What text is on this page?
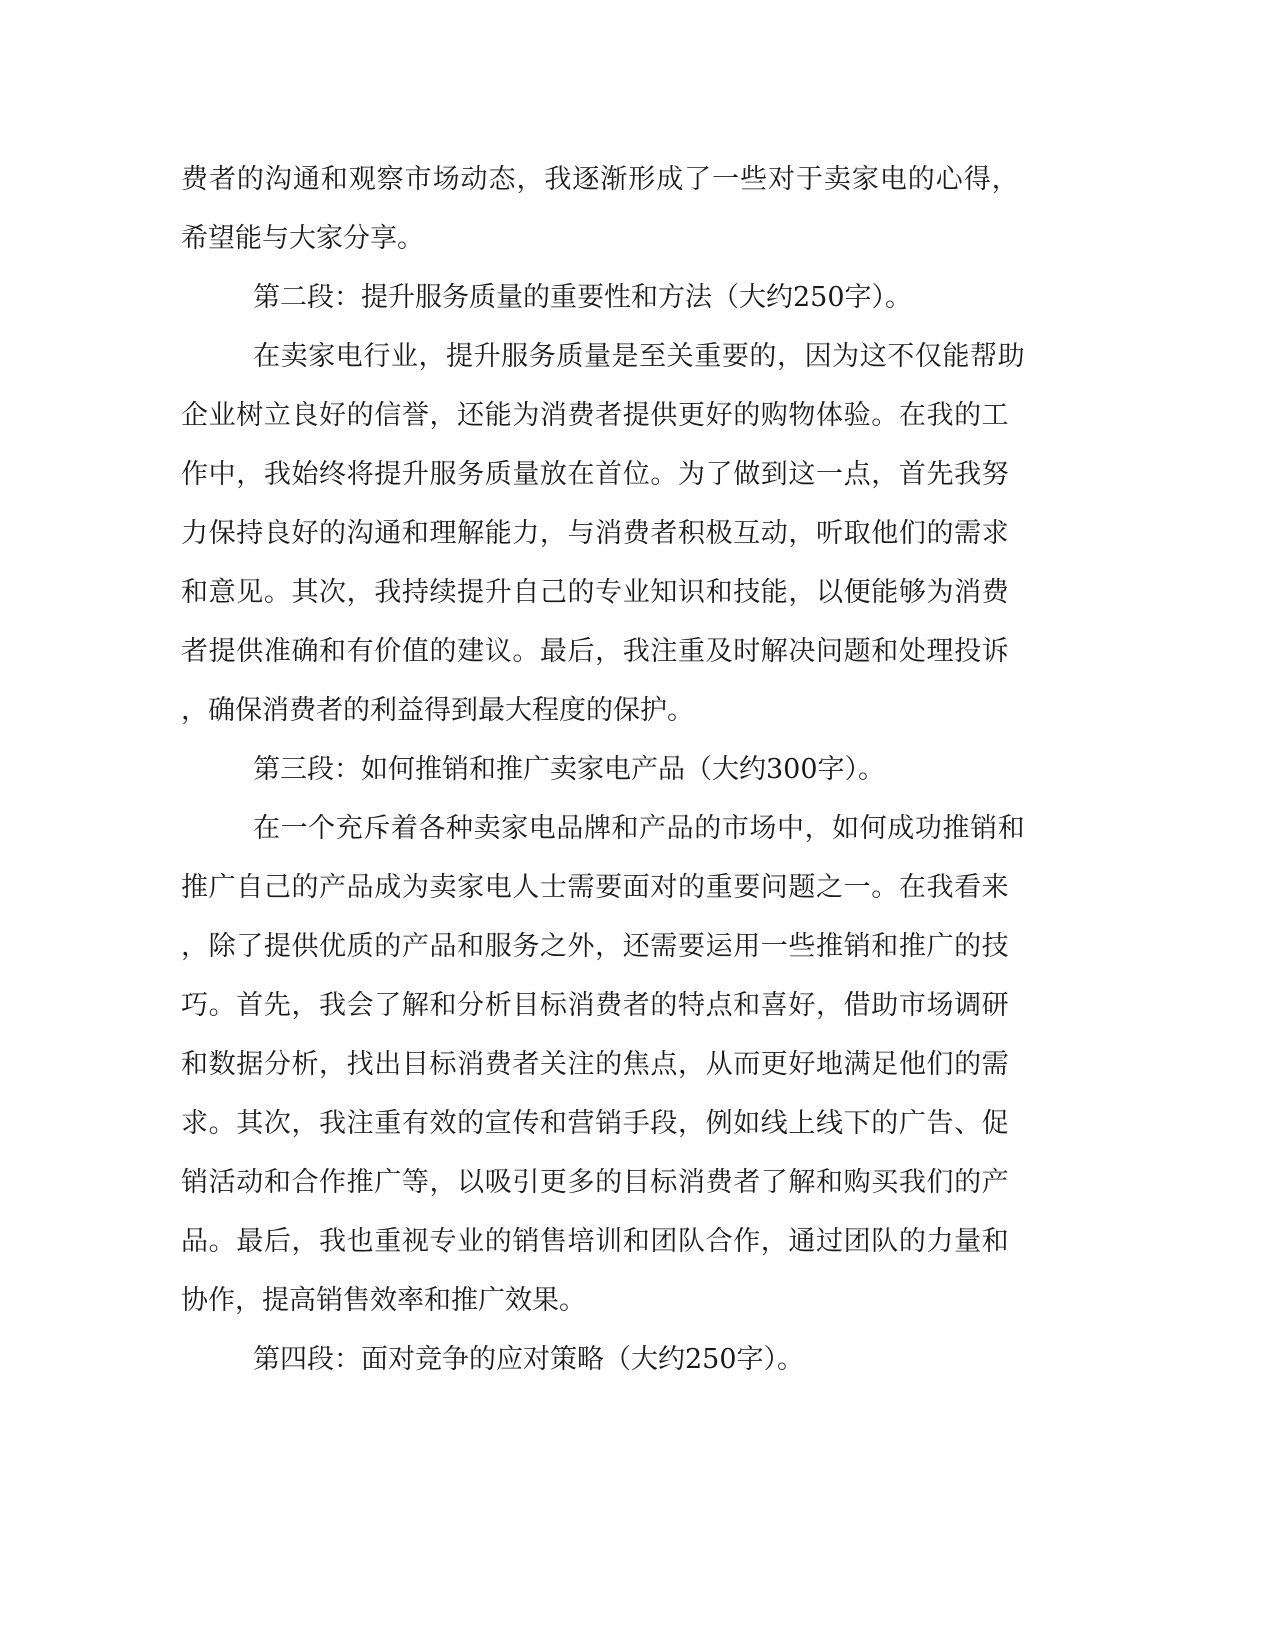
费 者 的 沟 通 和 观 察 市 场 动 态 ， 我 逐 渐 形 成 了 一 些 对 于 卖 家 电 的 心 得 ，

希望能与大家分享。

第二段：提升服务质量的重要性和方法（大约250字）。

在 卖 家 电 行 业 ， 提 升 服 务 质 量 是 至 关 重 要 的 ， 因 为 这 不 仅 能 帮 助

企 业 树 立 良 好 的 信 誉 ， 还 能 为 消 费 者 提 供 更 好 的 购 物 体 验 。 在 我 的 工

作 中 ， 我 始 终 将 提 升 服 务 质 量 放 在 首 位 。 为 了 做 到 这 一 点 ， 首 先 我 努

力 保 持 良 好 的 沟 通 和 理 解 能 力 ， 与 消 费 者 积 极 互 动 ， 听 取 他 们 的 需 求

和 意 见 。 其 次 ， 我 持 续 提 升 自 己 的 专 业 知 识 和 技 能 ， 以 便 能 够 为 消 费

者 提 供 准 确 和 有 价 值 的 建 议 。 最 后 ， 我 注 重 及 时 解 决 问 题 和 处 理 投 诉

，确保消费者的利益得到最大程度的保护。

第三段：如何推销和推广卖家电产品（大约300字）。

在 一 个 充 斥 着 各 种 卖 家 电 品 牌 和 产 品 的 市 场 中 ， 如 何 成 功 推 销 和

推 广 自 己 的 产 品 成 为 卖 家 电 人 士 需 要 面 对 的 重 要 问 题 之 一 。 在 我 看 来

， 除 了 提 供 优 质 的 产 品 和 服 务 之 外 ， 还 需 要 运 用 一 些 推 销 和 推 广 的 技

巧 。 首 先 ， 我 会 了 解 和 分 析 目 标 消 费 者 的 特 点 和 喜 好 ， 借 助 市 场 调 研

和 数 据 分 析 ， 找 出 目 标 消 费 者 关 注 的 焦 点 ， 从 而 更 好 地 满 足 他 们 的 需

求 。 其 次 ， 我 注 重 有 效 的 宣 传 和 营 销 手 段 ， 例 如 线 上 线 下 的 广 告 、 促

销 活 动 和 合 作 推 广 等 ， 以 吸 引 更 多 的 目 标 消 费 者 了 解 和 购 买 我 们 的 产

品 。 最 后 ， 我 也 重 视 专 业 的 销 售 培 训 和 团 队 合 作 ， 通 过 团 队 的 力 量 和

协作，提高销售效率和推广效果。

第四段：面对竞争的应对策略（大约250字）。
